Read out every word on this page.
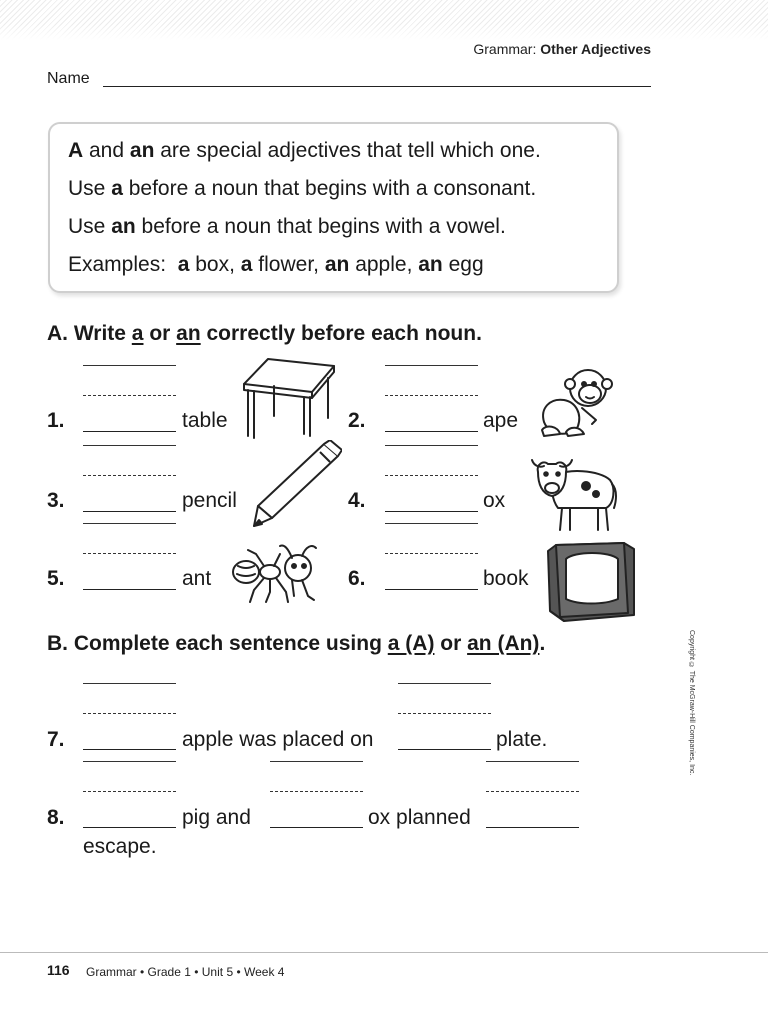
Grammar: Other Adjectives
Name
A and an are special adjectives that tell which one.
Use a before a noun that begins with a consonant.
Use an before a noun that begins with a vowel.
Examples:  a box, a flower, an apple, an egg
A. Write a or an correctly before each noun.
1.	table	2.	ape
3.	pencil	4.	ox
5.	ant	6.	book
B. Complete each sentence using a (A) or an (An).
7.	apple was placed on	plate.
8.	pig and	ox planned
escape.
Copyright © The McGraw-Hill Companies, Inc.
116 Grammar • Grade 1 • Unit 5 • Week 4
